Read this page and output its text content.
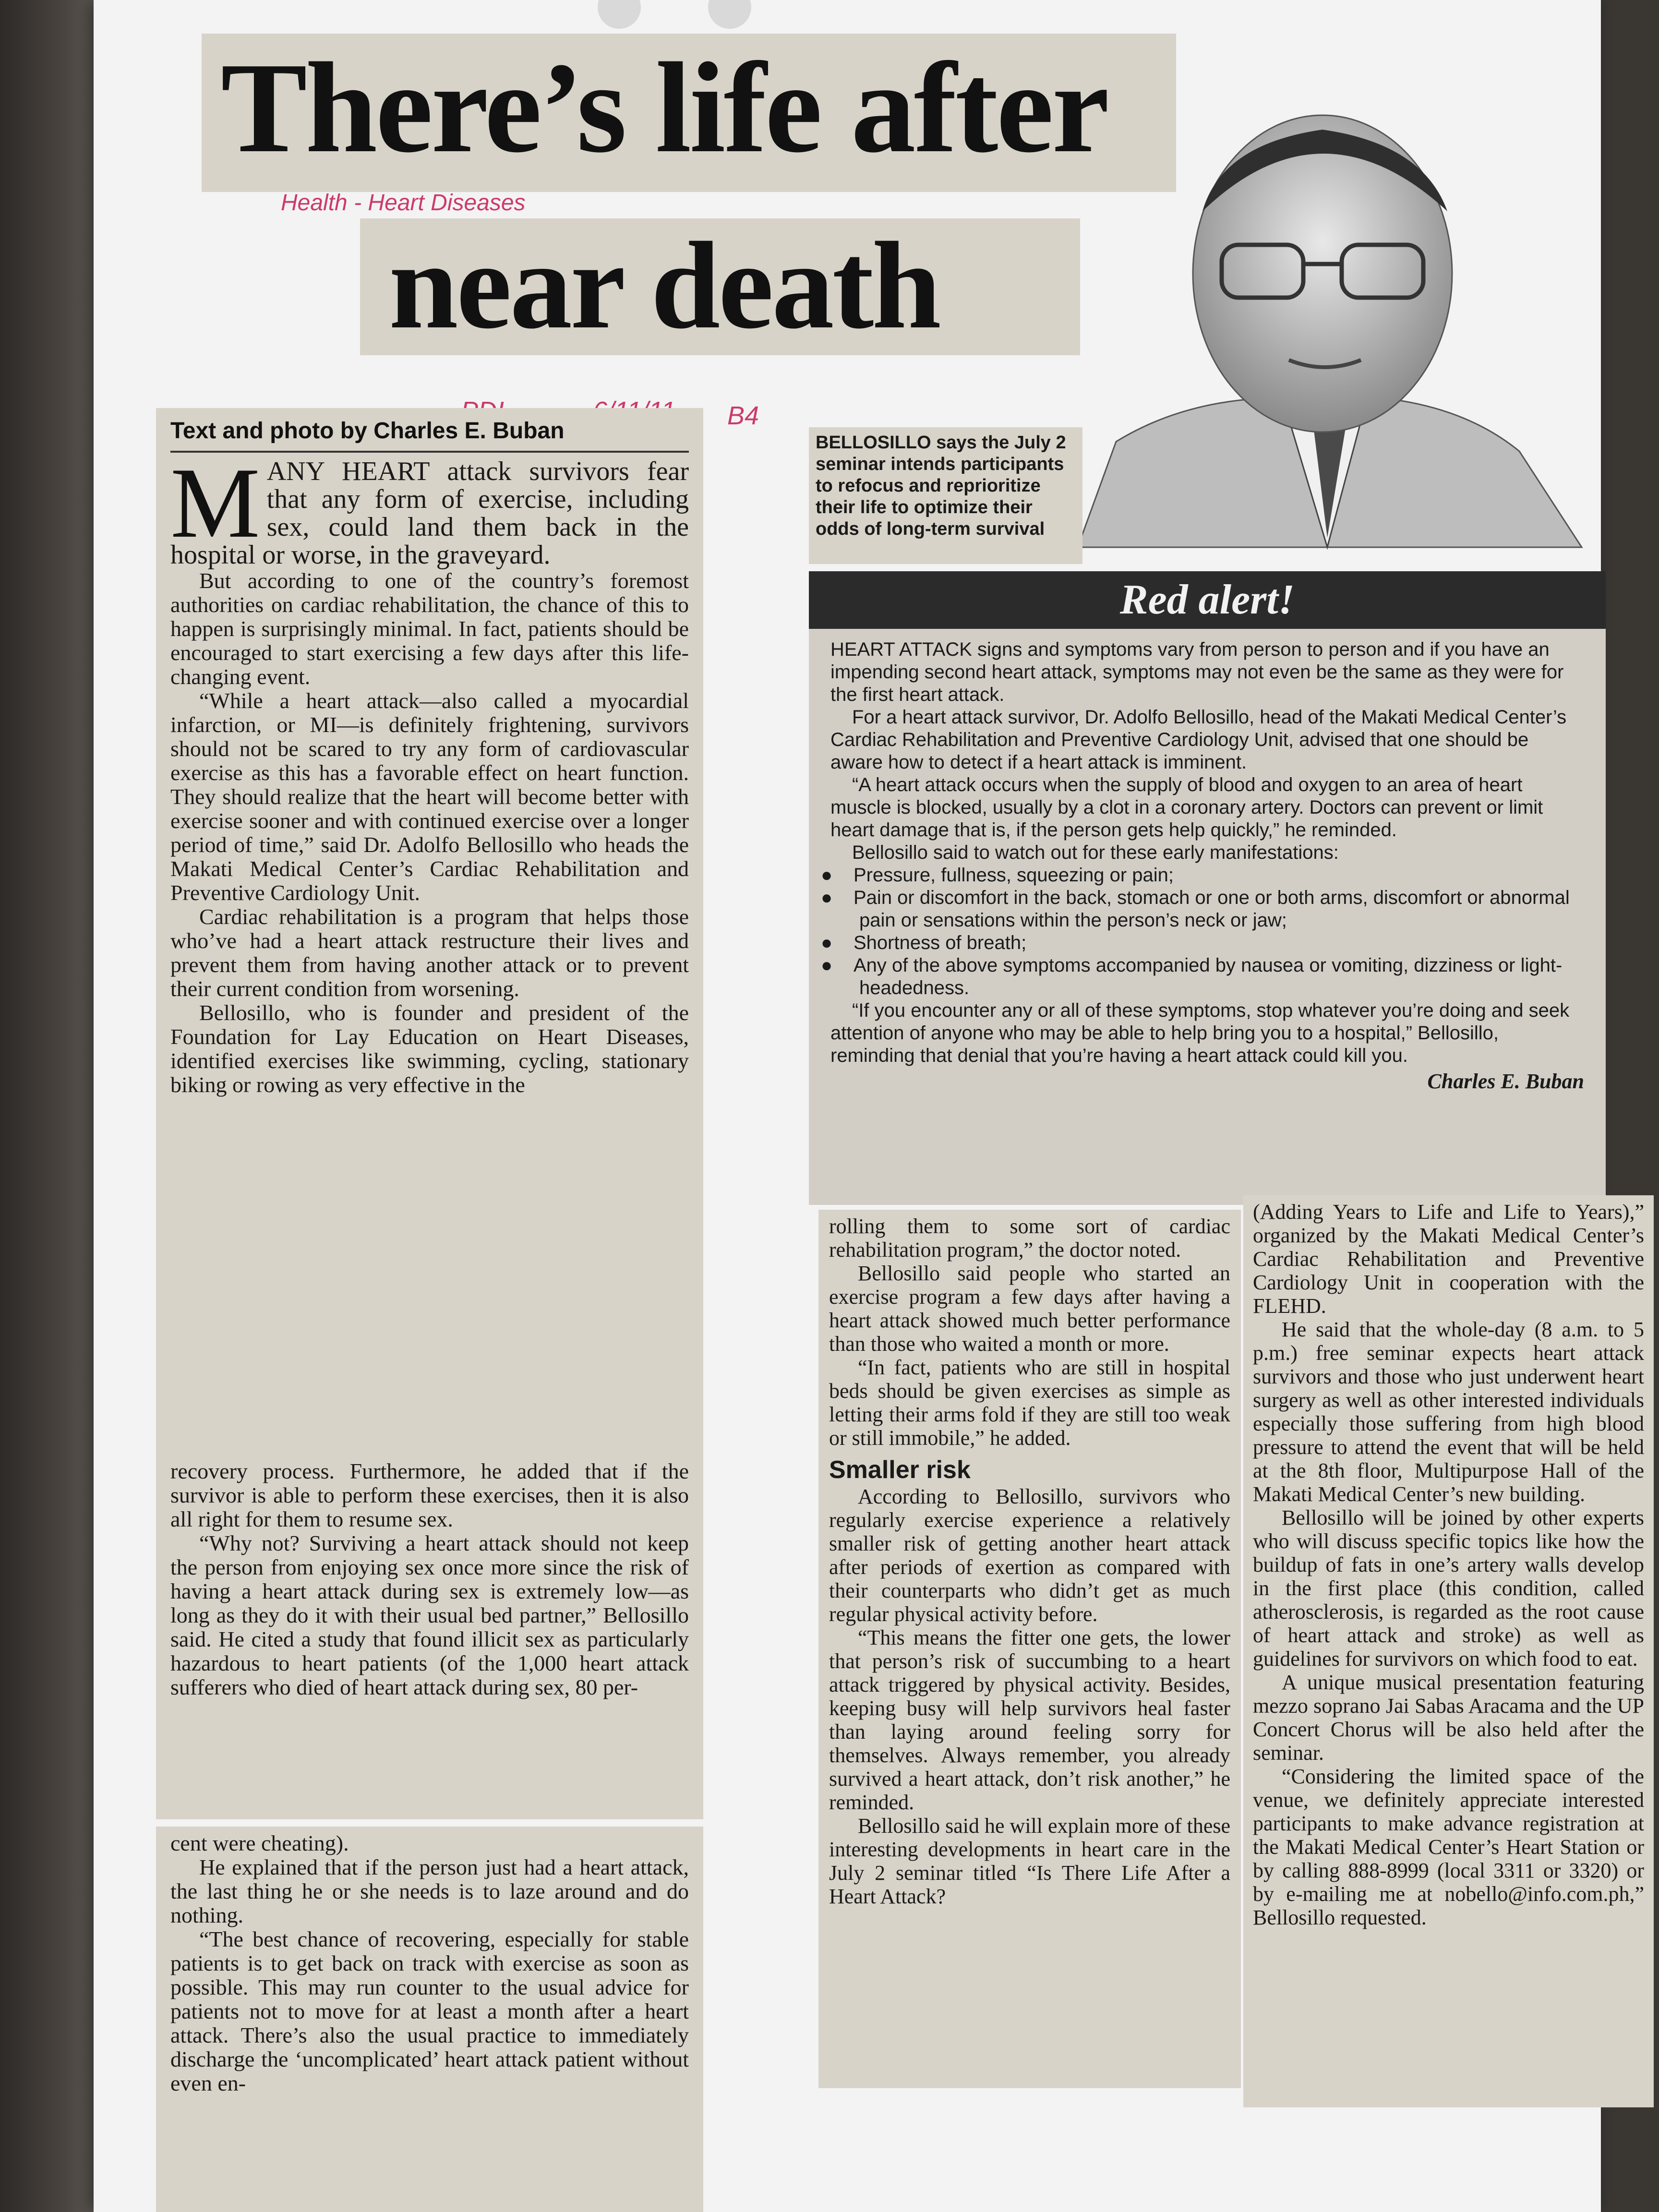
There’s life after
near death
Health - Heart Diseases
B4
BELLOSILLO says the July 2 seminar intends participants to refocus and reprioritize their life to optimize their odds of long-term survival
Text and photo by Charles E. Buban

MANY HEART attack survivors fear that any form of exercise, including sex, could land them back in the hospital or worse, in the graveyard.

But according to one of the country’s foremost authorities on cardiac rehabilitation, the chance of this to happen is surprisingly minimal. In fact, patients should be encouraged to start exercising a few days after this life-changing event.

“While a heart attack—also called a myocardial infarction, or MI—is definitely frightening, survivors should not be scared to try any form of cardiovascular exercise as this has a favorable effect on heart function. They should realize that the heart will become better with exercise sooner and with continued exercise over a longer period of time,” said Dr. Adolfo Bellosillo who heads the Makati Medical Center’s Cardiac Rehabilitation and Preventive Cardiology Unit.

Cardiac rehabilitation is a program that helps those who’ve had a heart attack restructure their lives and prevent them from having another attack or to prevent their current condition from worsening.

Bellosillo, who is founder and president of the Foundation for Lay Education on Heart Diseases, identified exercises like swimming, cycling, stationary biking or rowing as very effective in the

recovery process. Furthermore, he added that if the survivor is able to perform these exercises, then it is also all right for them to resume sex.

“Why not? Surviving a heart attack should not keep the person from enjoying sex once more since the risk of having a heart attack during sex is extremely low—as long as they do it with their usual bed partner,” Bellosillo said. He cited a study that found illicit sex as particularly hazardous to heart patients (of the 1,000 heart attack sufferers who died of heart attack during sex, 80 per-

cent were cheating).

He explained that if the person just had a heart attack, the last thing he or she needs is to laze around and do nothing.

“The best chance of recovering, especially for stable patients is to get back on track with exercise as soon as possible. This may run counter to the usual advice for patients not to move for at least a month after a heart attack. There’s also the usual practice to immediately discharge the ‘uncomplicated’ heart attack patient without even en-

Red alert!

HEART ATTACK signs and symptoms vary from person to person and if you have an impending second heart attack, symptoms may not even be the same as they were for the first heart attack.

For a heart attack survivor, Dr. Adolfo Bellosillo, head of the Makati Medical Center’s Cardiac Rehabilitation and Preventive Cardiology Unit, advised that one should be aware how to detect if a heart attack is imminent.

“A heart attack occurs when the supply of blood and oxygen to an area of heart muscle is blocked, usually by a clot in a coronary artery. Doctors can prevent or limit heart damage that is, if the person gets help quickly,” he reminded.

Bellosillo said to watch out for these early manifestations:

● Pressure, fullness, squeezing or pain;

● Pain or discomfort in the back, stomach or one or both arms, discomfort or abnormal pain or sensations within the person’s neck or jaw;

● Shortness of breath;

● Any of the above symptoms accompanied by nausea or vomiting, dizziness or light-headedness.

“If you encounter any or all of these symptoms, stop whatever you’re doing and seek attention of anyone who may be able to help bring you to a hospital,” Bellosillo, reminding that denial that you’re having a heart attack could kill you.

Charles E. Buban

rolling them to some sort of cardiac rehabilitation program,” the doctor noted.

Bellosillo said people who started an exercise program a few days after having a heart attack showed much better performance than those who waited a month or more.

“In fact, patients who are still in hospital beds should be given exercises as simple as letting their arms fold if they are still too weak or still immobile,” he added.

Smaller risk

According to Bellosillo, survivors who regularly exercise experience a relatively smaller risk of getting another heart attack after periods of exertion as compared with their counterparts who didn’t get as much regular physical activity before.

“This means the fitter one gets, the lower that person’s risk of succumbing to a heart attack triggered by physical activity. Besides, keeping busy will help survivors heal faster than laying around feeling sorry for themselves. Always remember, you already survived a heart attack, don’t risk another,” he reminded.

Bellosillo said he will explain more of these interesting developments in heart care in the July 2 seminar titled “Is There Life After a Heart Attack?

(Adding Years to Life and Life to Years),” organized by the Makati Medical Center’s Cardiac Rehabilitation and Preventive Cardiology Unit in cooperation with the FLEHD.

He said that the whole-day (8 a.m. to 5 p.m.) free seminar expects heart attack survivors and those who just underwent heart surgery as well as other interested individuals especially those suffering from high blood pressure to attend the event that will be held at the 8th floor, Multipurpose Hall of the Makati Medical Center’s new building.

Bellosillo will be joined by other experts who will discuss specific topics like how the buildup of fats in one’s artery walls develop in the first place (this condition, called atherosclerosis, is regarded as the root cause of heart attack and stroke) as well as guidelines for survivors on which food to eat.

A unique musical presentation featuring mezzo soprano Jai Sabas Aracama and the UP Concert Chorus will be also held after the seminar.

“Considering the limited space of the venue, we definitely appreciate interested participants to make advance registration at the Makati Medical Center’s Heart Station or by calling 888-8999 (local 3311 or 3320) or by e-mailing me at nobello@info.com.ph,” Bellosillo requested.
